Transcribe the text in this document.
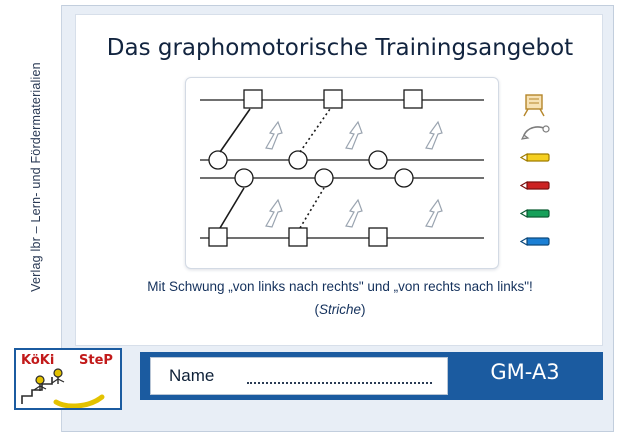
Verlag lbr – Lern- und Fördermaterialien
Das graphomotorische Trainingsangebot
Mit Schwung „von links nach rechts" und „von rechts nach links"!
(Striche)
Name	GM-A3
KöKi SteP
